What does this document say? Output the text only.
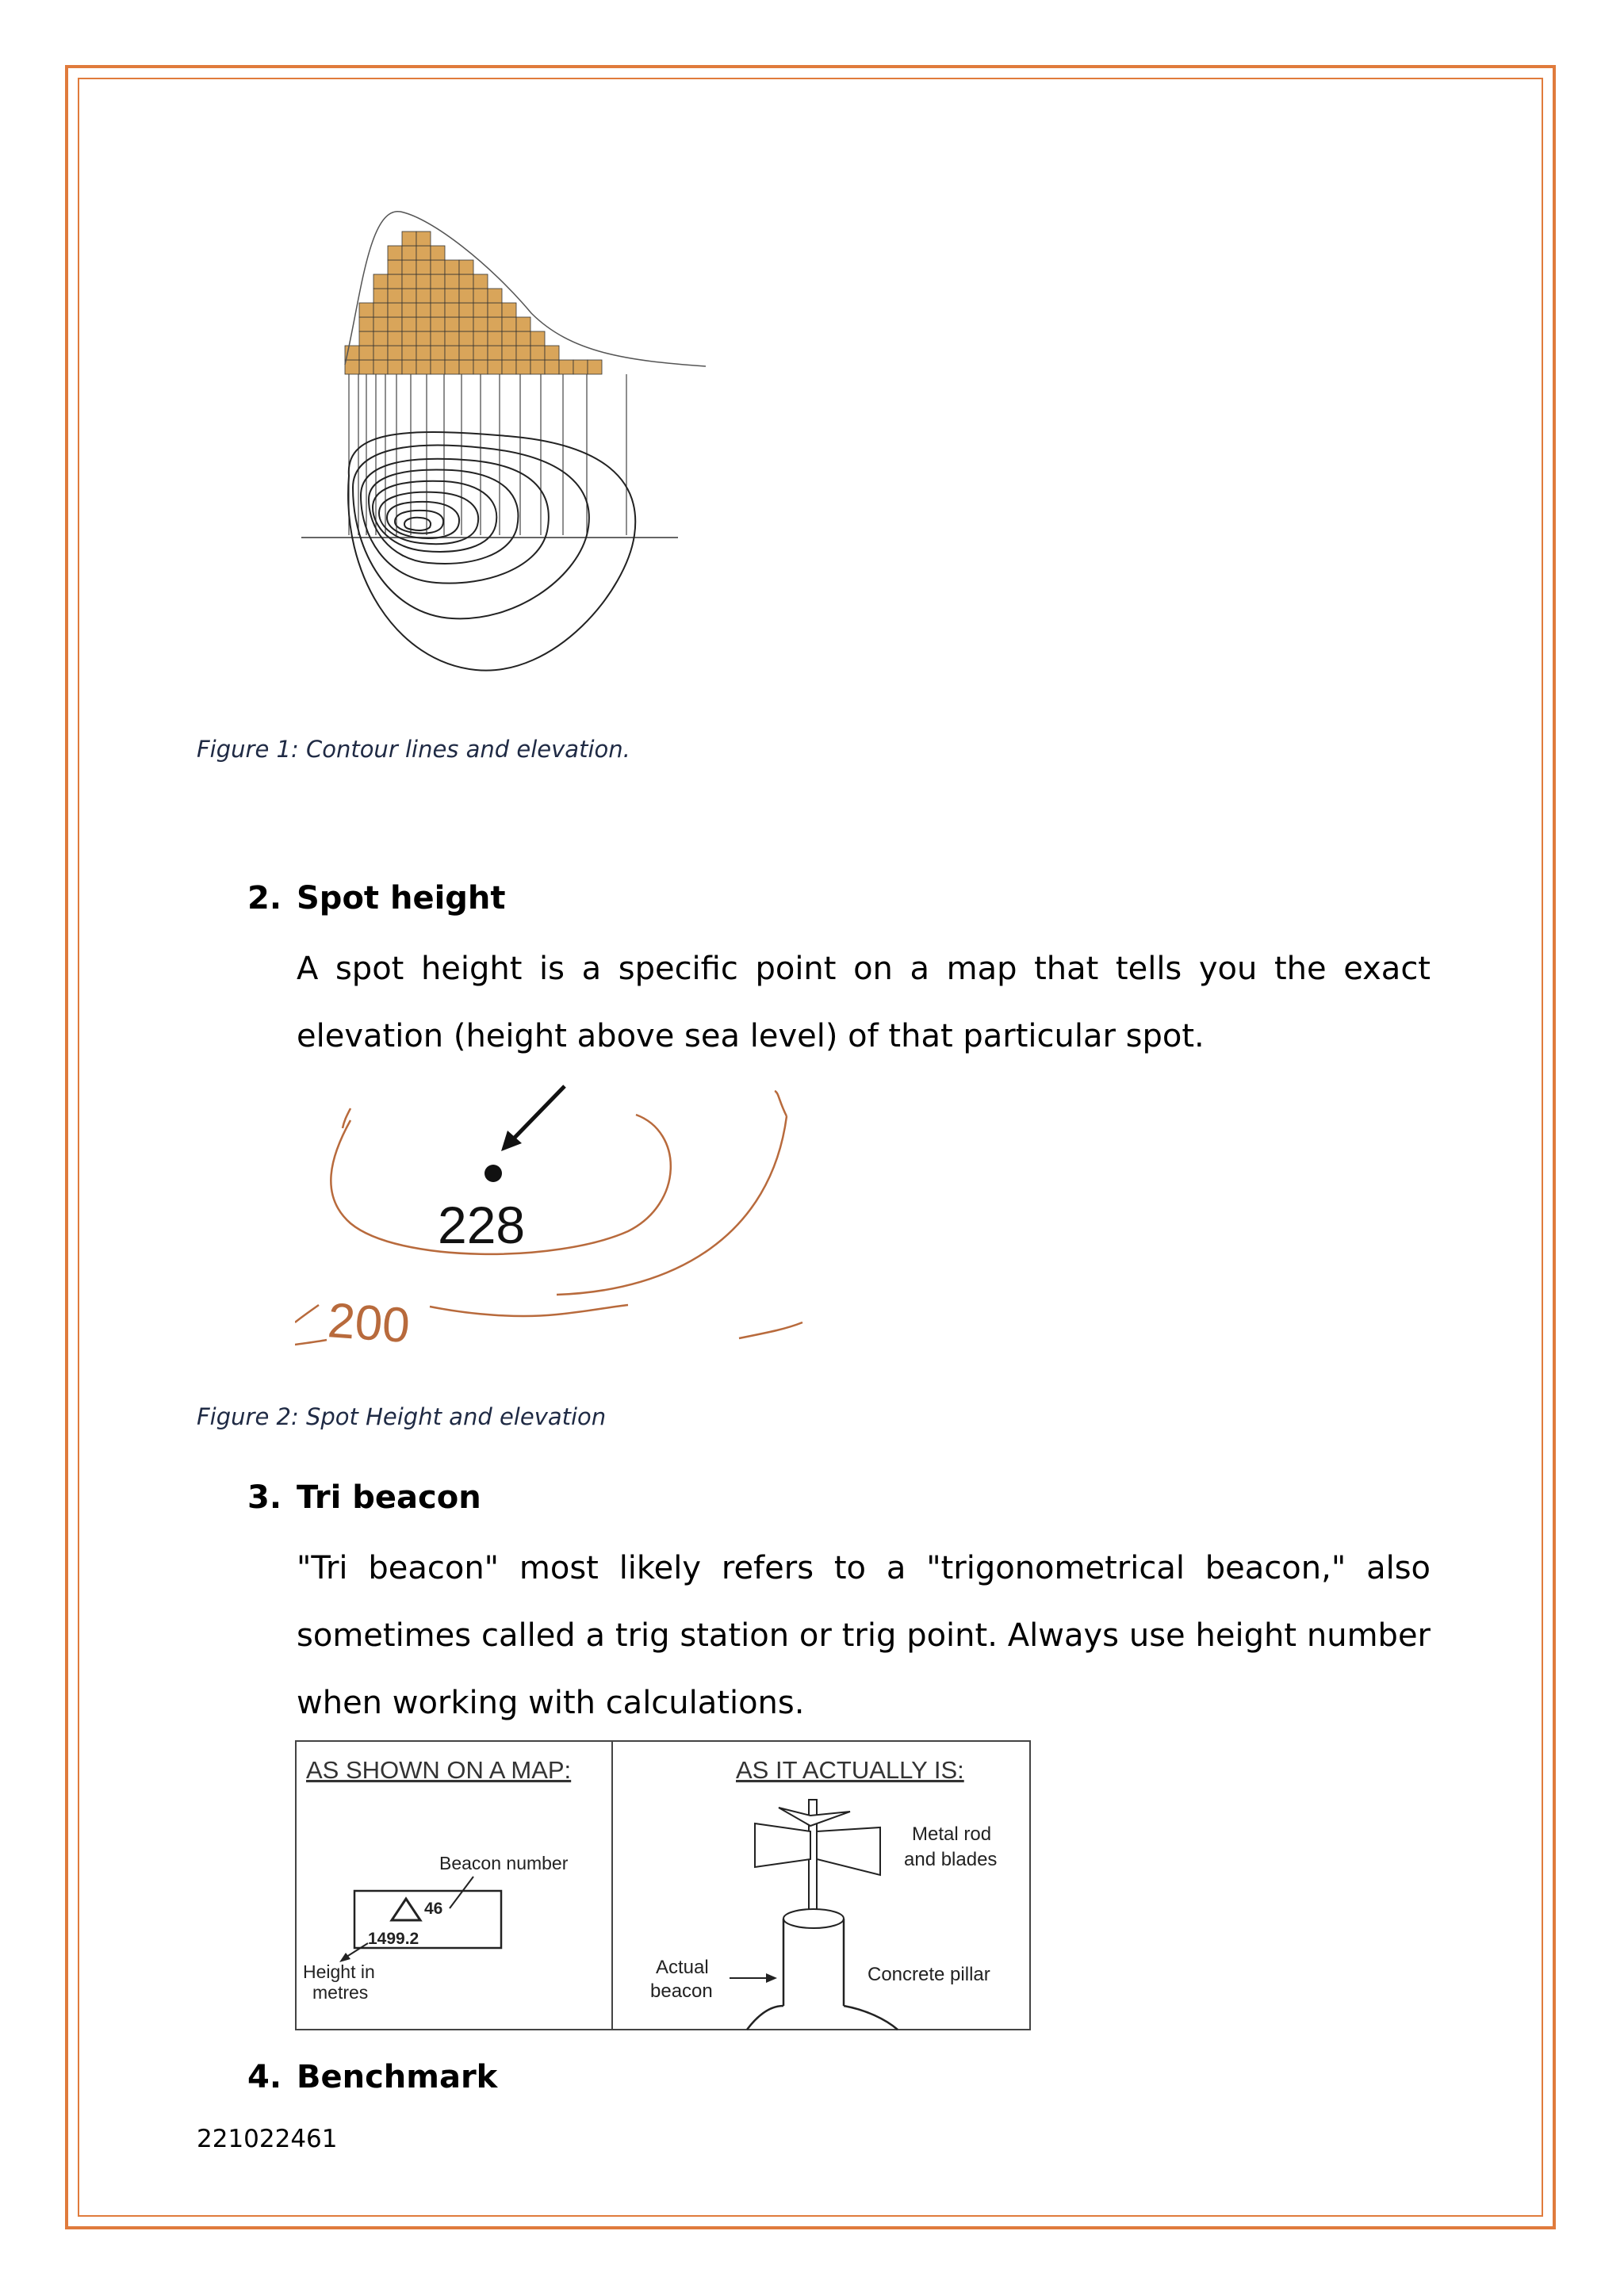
Figure 1: Contour lines and elevation.
2. Spot height
A spot height is a specific point on a map that tells you the exact elevation (height above sea level) of that particular spot.
200
228
Figure 2: Spot Height and elevation
3. Tri beacon
"Tri beacon" most likely refers to a "trigonometrical beacon," also sometimes called a trig station or trig point. Always use height number when working with calculations.
AS SHOWN ON A MAP:	AS IT ACTUALLY IS:
Beacon number
46
1499.2
Height in
metres
Metal rod
and blades
Concrete pillar
Actual
beacon
4. Benchmark
221022461
